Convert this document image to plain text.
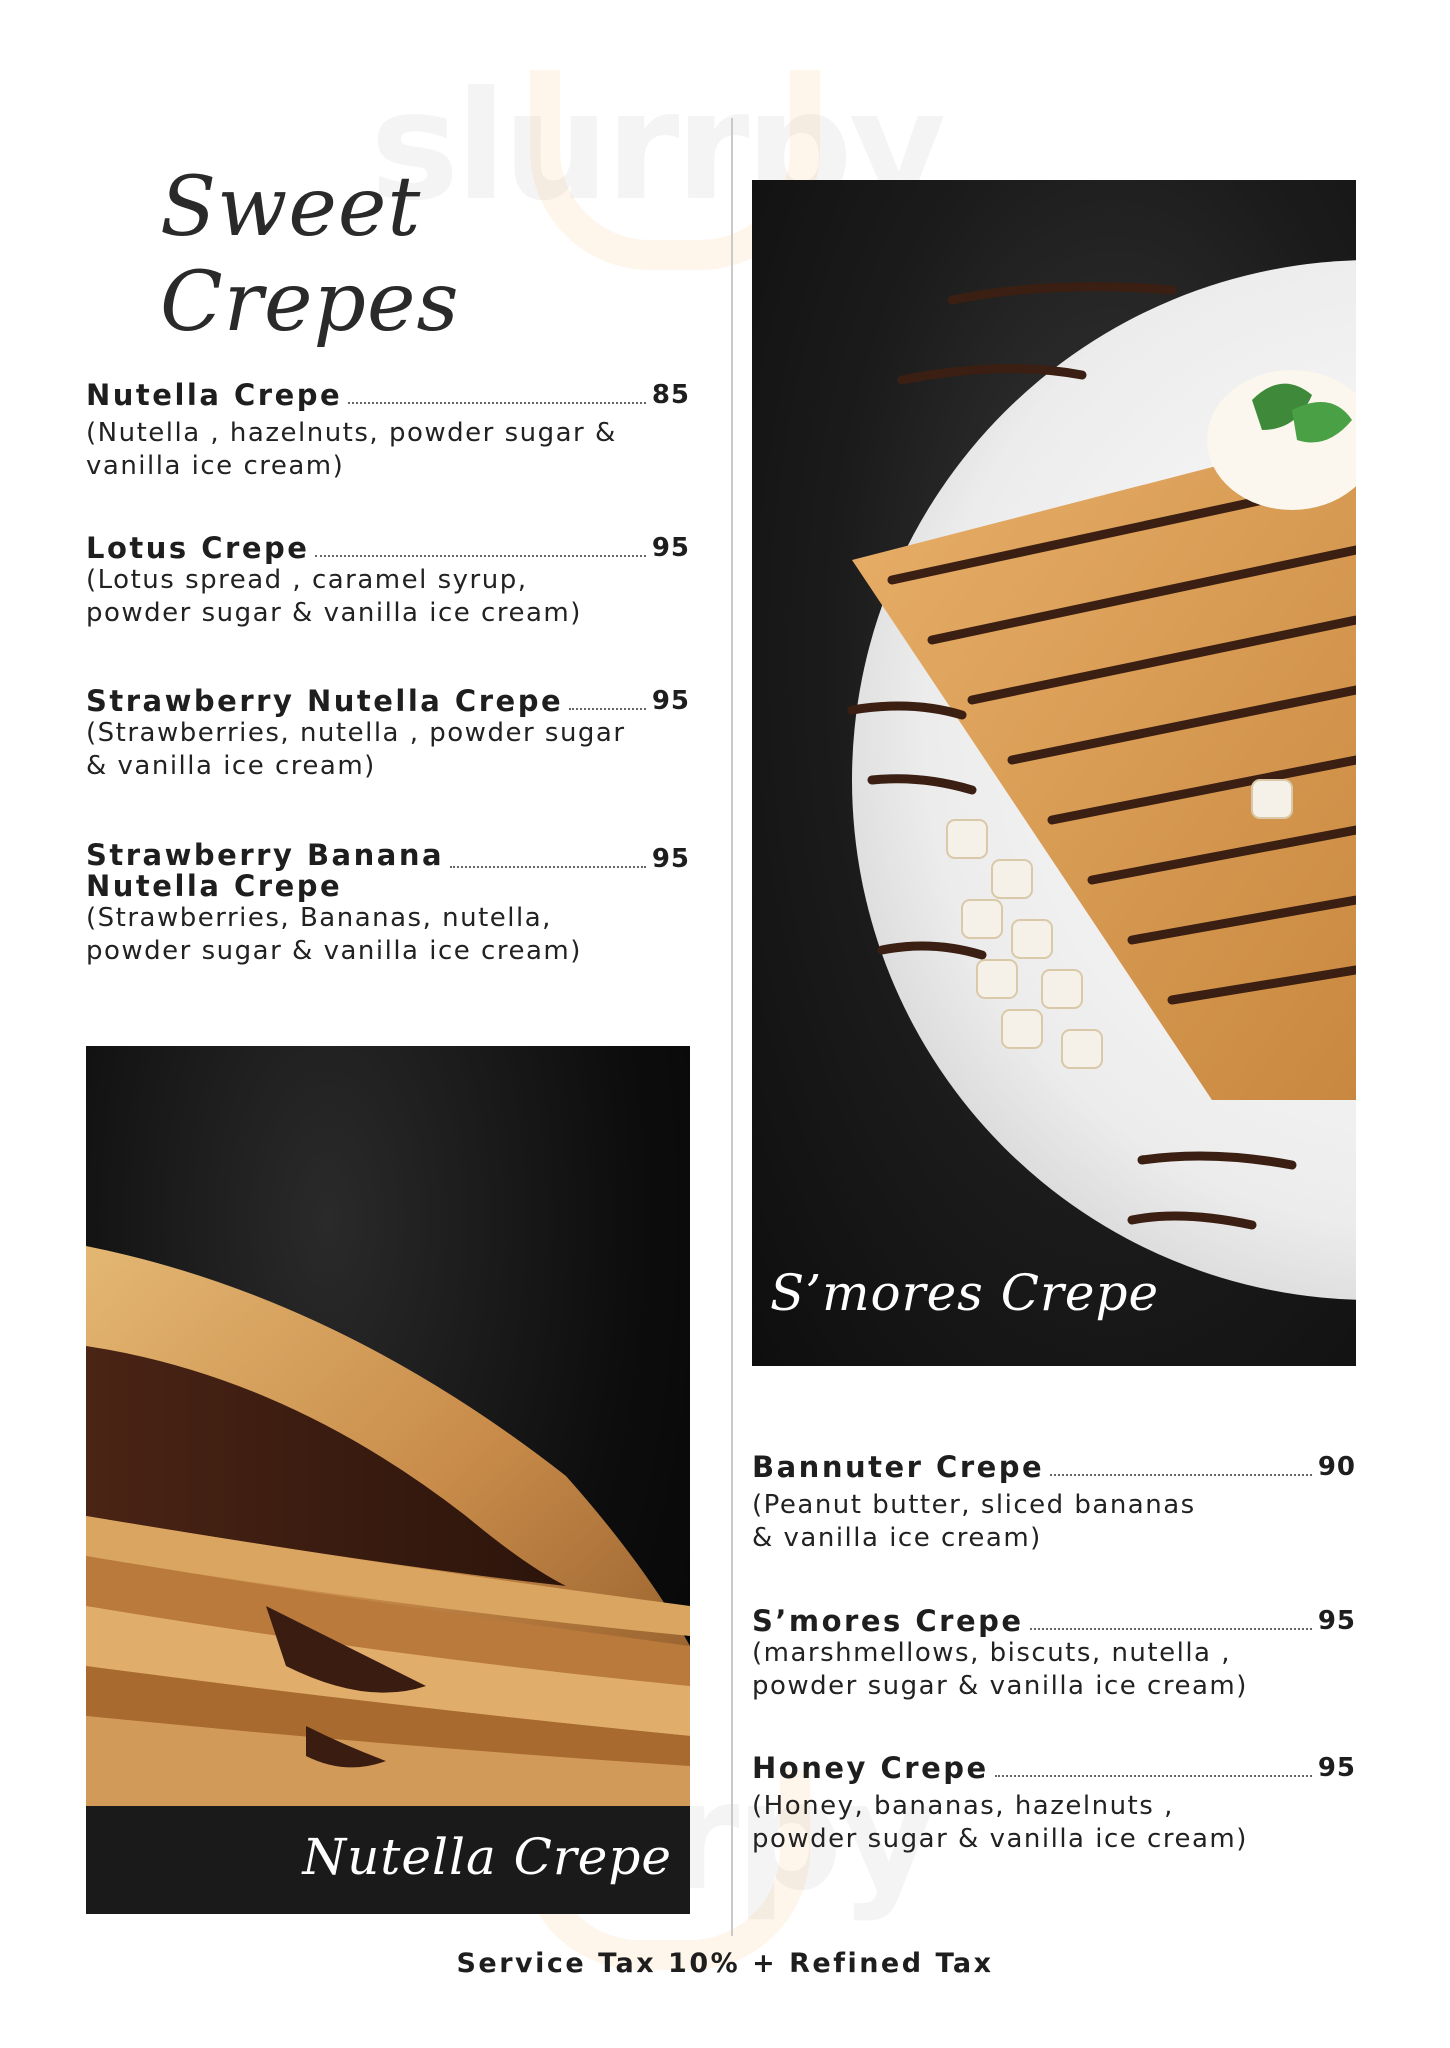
Sweet Crepes
Nutella Crepe	85
(Nutella , hazelnuts, powder sugar &
vanilla ice cream)
Lotus Crepe	95
(Lotus spread , caramel syrup,
powder sugar & vanilla ice cream)
Strawberry Nutella Crepe	95
(Strawberries, nutella , powder sugar
& vanilla ice cream)
Strawberry Banana
Nutella Crepe
95
(Strawberries, Bananas, nutella,
powder sugar & vanilla ice cream)
Nutella Crepe
S’mores Crepe
Bannuter Crepe	90
(Peanut butter, sliced bananas
& vanilla ice cream)
S’mores Crepe	95
(marshmellows, biscuts, nutella ,
powder sugar & vanilla ice cream)
Honey Crepe	95
(Honey, bananas, hazelnuts ,
powder sugar & vanilla ice cream)
Service Tax 10% + Refined Tax
